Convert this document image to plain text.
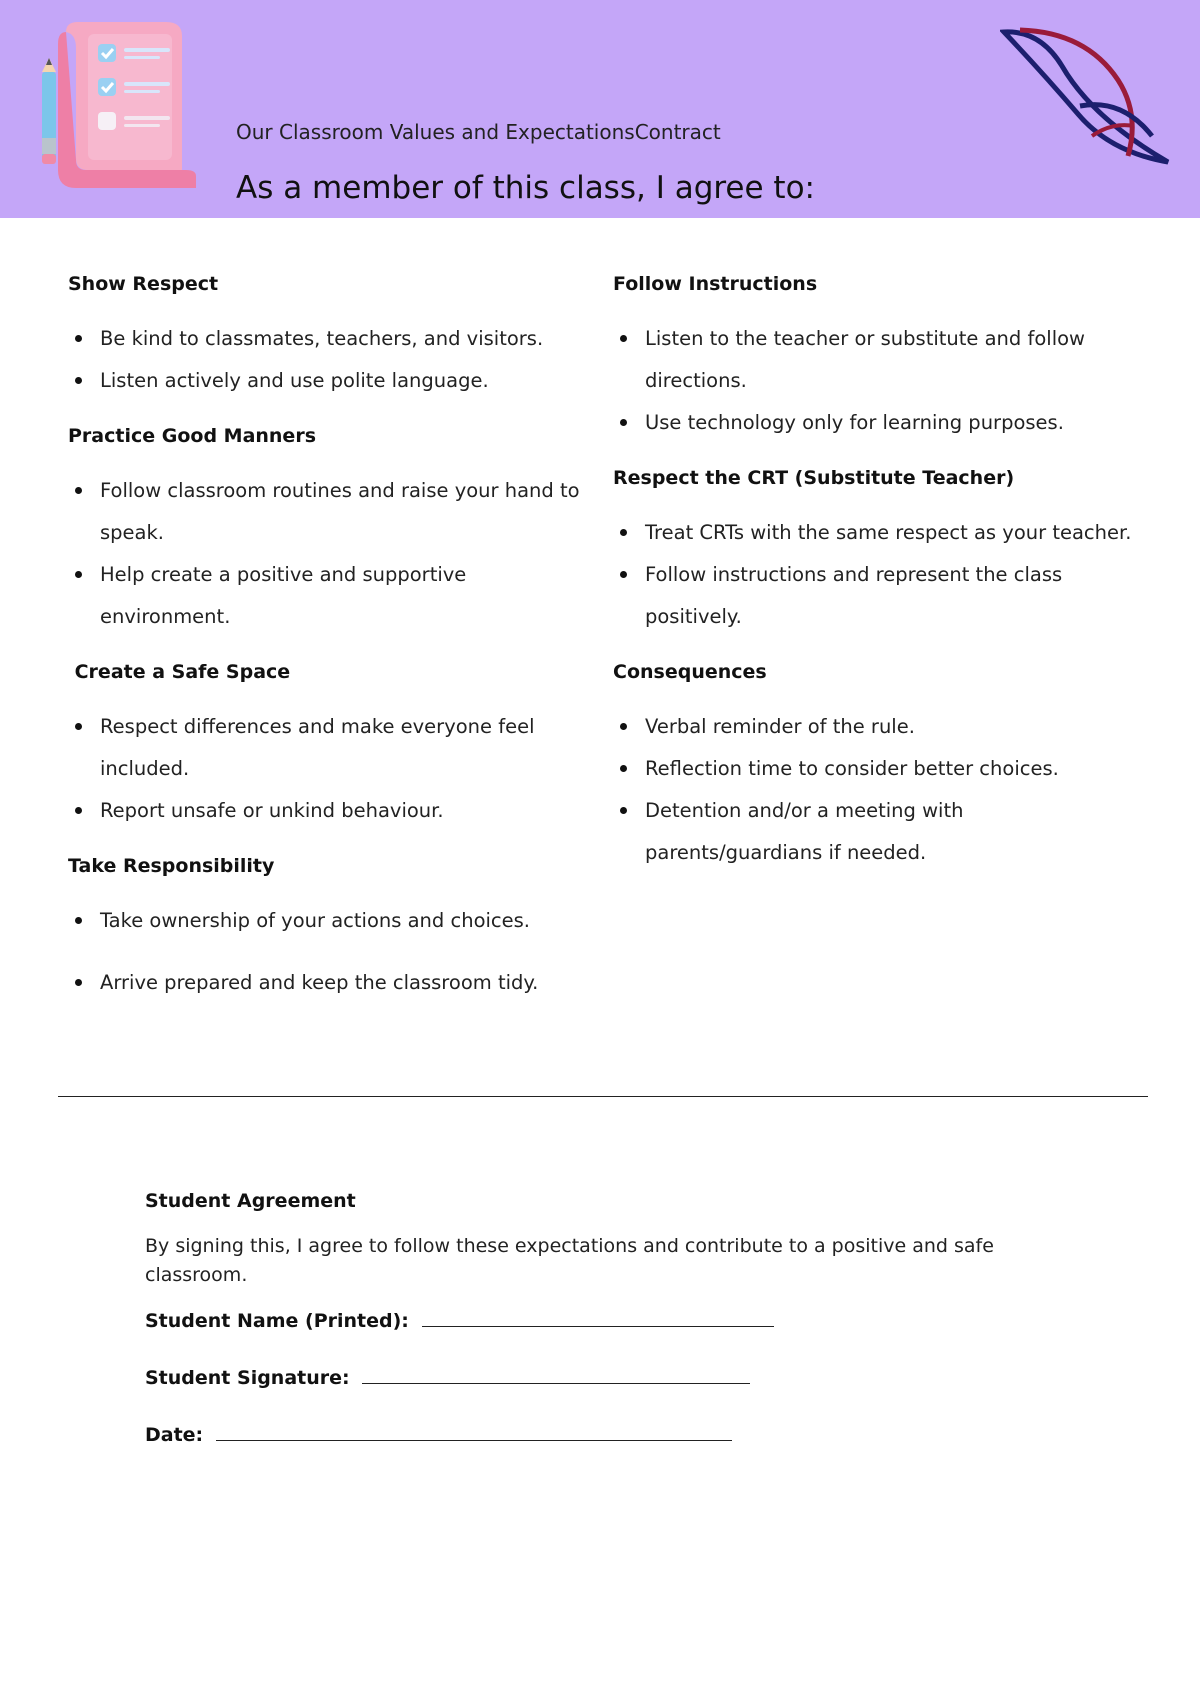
Our Classroom Values and ExpectationsContract
As a member of this class, I agree to:
Show Respect
Be kind to classmates, teachers, and visitors.
Listen actively and use polite language.
Practice Good Manners
Follow classroom routines and raise your hand to speak.
Help create a positive and supportive environment.
Create a Safe Space
Respect differences and make everyone feel included.
Report unsafe or unkind behaviour.
Take Responsibility
Take ownership of your actions and choices.
Arrive prepared and keep the classroom tidy.
Follow Instructions
Listen to the teacher or substitute and follow directions.
Use technology only for learning purposes.
Respect the CRT (Substitute Teacher)
Treat CRTs with the same respect as your teacher.
Follow instructions and represent the class positively.
Consequences
Verbal reminder of the rule.
Reflection time to consider better choices.
Detention and/or a meeting with parents/guardians if needed.
Student Agreement
By signing this, I agree to follow these expectations and contribute to a positive and safe classroom.
Student Name (Printed):
Student Signature:
Date:
